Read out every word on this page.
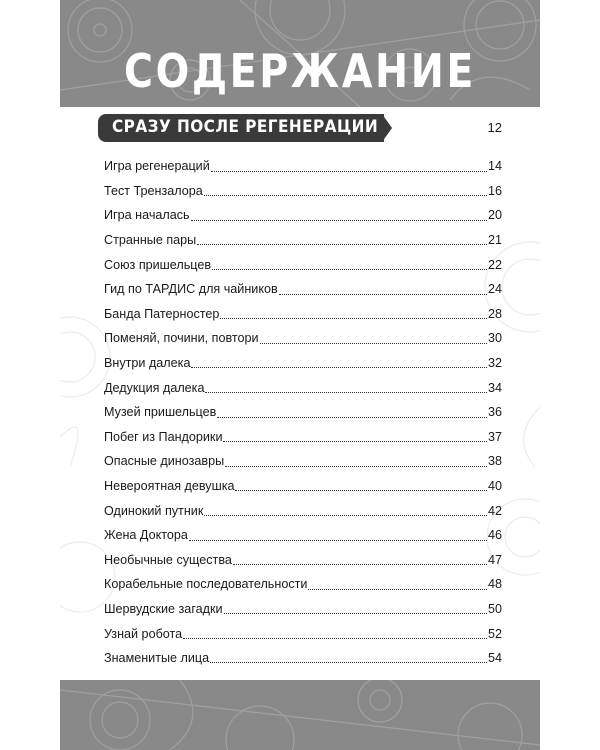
СОДЕРЖАНИЕ
СРАЗУ ПОСЛЕ РЕГЕНЕРАЦИИ	12
Игра регенераций	14
Тест Трензалора	16
Игра началась	20
Странные пары	21
Союз пришельцев	22
Гид по ТАРДИС для чайников	24
Банда Патерностер	28
Поменяй, почини, повтори	30
Внутри далека	32
Дедукция далека	34
Музей пришельцев	36
Побег из Пандорики	37
Опасные динозавры	38
Невероятная девушка	40
Одинокий путник	42
Жена Доктора	46
Необычные существа	47
Корабельные последовательности	48
Шервудские загадки	50
Узнай робота	52
Знаменитые лица	54
